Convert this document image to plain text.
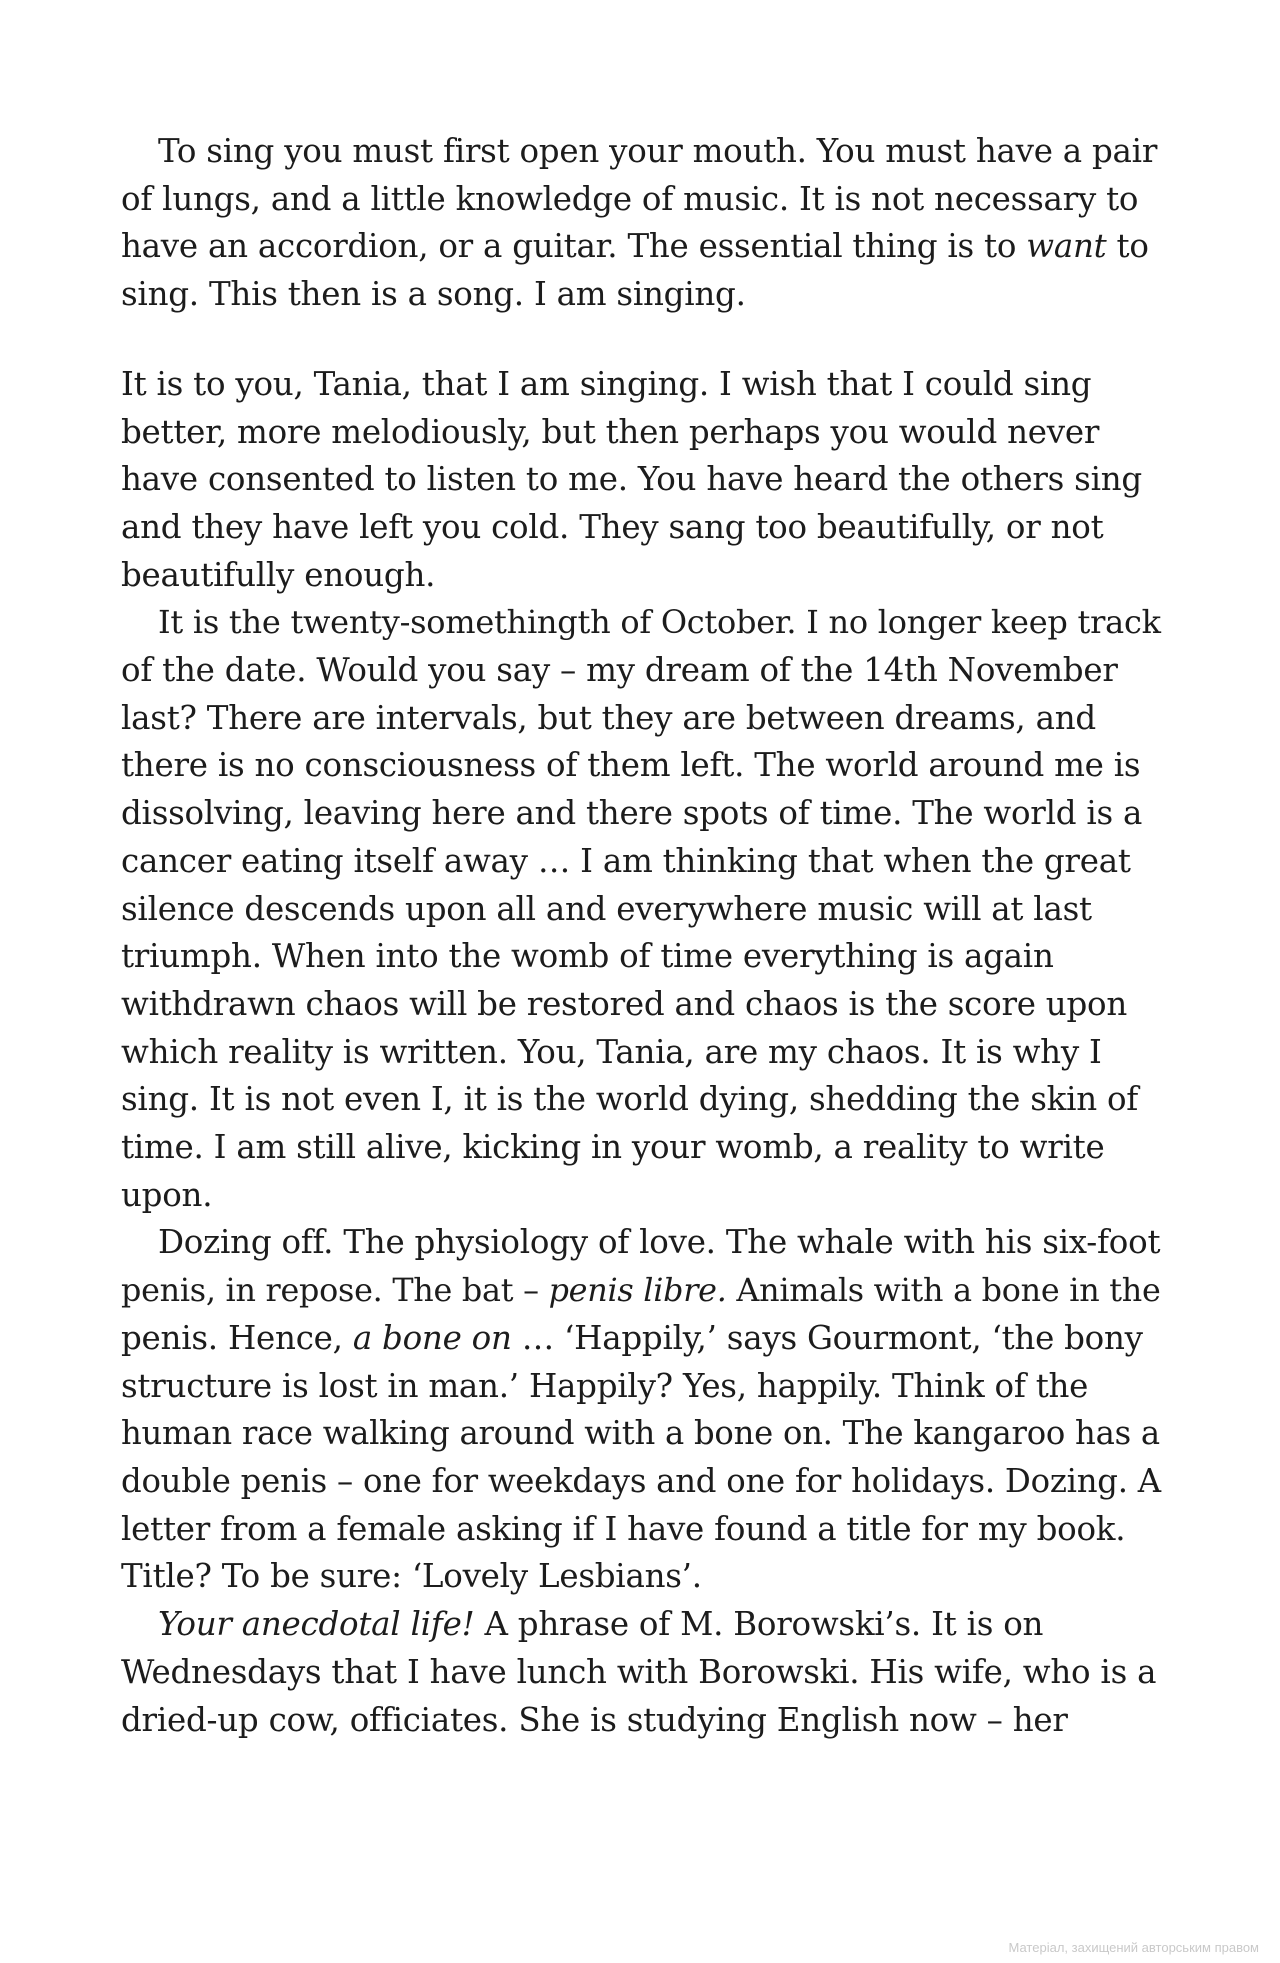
To sing you must first open your mouth. You must have a pair
of lungs, and a little knowledge of music. It is not necessary to
have an accordion, or a guitar. The essential thing is to want to
sing. This then is a song. I am singing.
It is to you, Tania, that I am singing. I wish that I could sing
better, more melodiously, but then perhaps you would never
have consented to listen to me. You have heard the others sing
and they have left you cold. They sang too beautifully, or not
beautifully enough.
It is the twenty-somethingth of October. I no longer keep track
of the date. Would you say – my dream of the 14th November
last? There are intervals, but they are between dreams, and
there is no consciousness of them left. The world around me is
dissolving, leaving here and there spots of time. The world is a
cancer eating itself away … I am thinking that when the great
silence descends upon all and everywhere music will at last
triumph. When into the womb of time everything is again
withdrawn chaos will be restored and chaos is the score upon
which reality is written. You, Tania, are my chaos. It is why I
sing. It is not even I, it is the world dying, shedding the skin of
time. I am still alive, kicking in your womb, a reality to write
upon.
Dozing off. The physiology of love. The whale with his six-foot
penis, in repose. The bat – penis libre. Animals with a bone in the
penis. Hence, a bone on … ‘Happily,’ says Gourmont, ‘the bony
structure is lost in man.’ Happily? Yes, happily. Think of the
human race walking around with a bone on. The kangaroo has a
double penis – one for weekdays and one for holidays. Dozing. A
letter from a female asking if I have found a title for my book.
Title? To be sure: ‘Lovely Lesbians’.
Your anecdotal life! A phrase of M. Borowski’s. It is on
Wednesdays that I have lunch with Borowski. His wife, who is a
dried-up cow, officiates. She is studying English now – her
Матеріал, захищений авторським правом
